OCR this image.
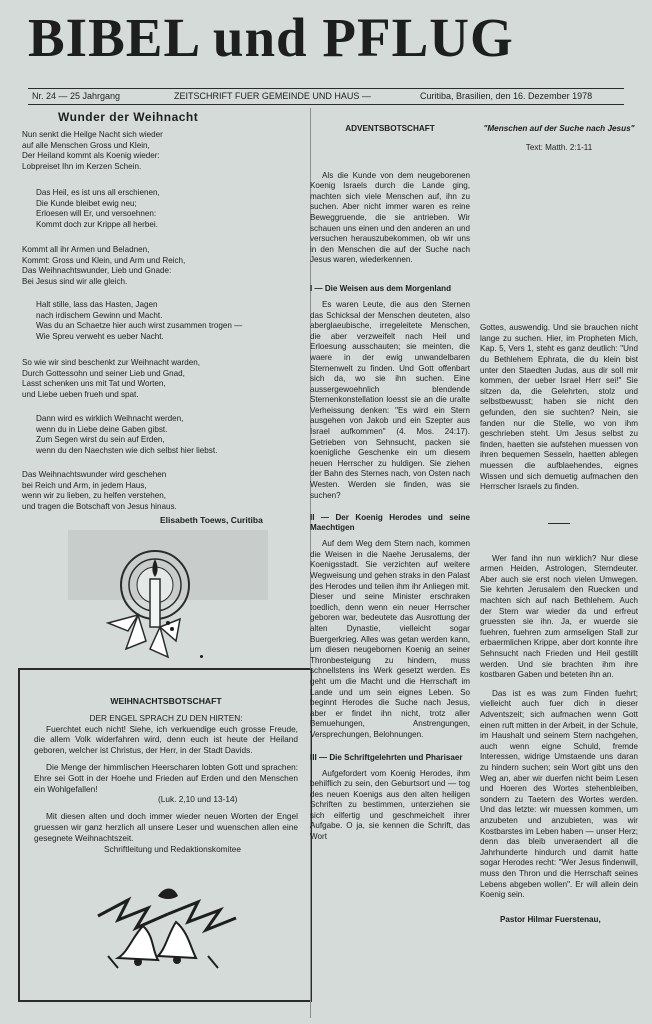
BIBEL und PFLUG
Nr. 24 — 25 Jahrgang	ZEITSCHRIFT FUER GEMEINDE UND HAUS —	Curitiba, Brasilien, den 16. Dezember 1978
Wunder der Weihnacht
Nun senkt die Heilge Nacht sich wieder
auf alle Menschen Gross und Klein,
Der Heiland kommt als Koenig wieder:
Lobpreiset Ihn im Kerzen Schein.
Das Heil, es ist uns all erschienen,
Die Kunde bleibet ewig neu;
Erloesen will Er, und versoehnen:
Kommt doch zur Krippe all herbei.
Kommt all ihr Armen und Beladnen,
Kommt: Gross und Klein, und Arm und Reich,
Das Weihnachtswunder, Lieb und Gnade:
Bei Jesus sind wir alle gleich.
Halt stille, lass das Hasten, Jagen
nach irdischem Gewinn und Macht.
Was du an Schaetze hier auch wirst zusammen trogen —
Wie Spreu verweht es ueber Nacht.
So wie wir sind beschenkt zur Weihnacht warden,
Durch Gottessohn und seiner Lieb und Gnad,
Lasst schenken uns mit Tat und Worten,
und Liebe ueben frueh und spat.
Dann wird es wirklich Weihnacht werden,
wenn du in Liebe deine Gaben gibst.
Zum Segen wirst du sein auf Erden,
wenn du den Naechsten wie dich selbst hier liebst.
Das Weihnachtswunder wird geschehen
bei Reich und Arm, in jedem Haus,
wenn wir zu lieben, zu helfen verstehen,
und tragen die Botschaft von Jesus hinaus.
Elisabeth Toews, Curitiba
WEIHNACHTSBOTSCHAFT
DER ENGEL SPRACH ZU DEN HIRTEN:

Fuerchtet euch nicht! Siehe, ich verkuendige euch grosse Freude, die allem Volk widerfahren wird, denn euch ist heute der Heiland geboren, welcher ist Christus, der Herr, in der Stadt Davids.

Die Menge der himmlischen Heerscharen lobten Gott und sprachen: Ehre sei Gott in der Hoehe und Frieden auf Erden und den Menschen ein Wohlgefallen!

(Luk. 2,10 und 13-14)

Mit diesen alten und doch immer wieder neuen Worten der Engel gruessen wir ganz herzlich all unsere Leser und wuenschen allen eine gesegnete Weihnachtszeit.

Schriftleitung und Redaktionskomitee
ADVENTSBOTSCHAFT

Als die Kunde von dem neugeborenen Koenig Israels durch die Lande ging, machten sich viele Menschen auf, ihn zu suchen. Aber nicht immer waren es reine Beweggruende, die sie antrieben. Wir schauen uns einen und den anderen an und versuchen herauszubekommen, ob wir uns in den Menschen die auf der Suche nach Jesus waren, wiederkennen.

I — Die Weisen aus dem Morgenland

Es waren Leute, die aus den Sternen das Schicksal der Menschen deuteten, also aberglaeubische, irregeleitete Menschen, die aber verzweifelt nach Heil und Erloesung ausschauten; sie meinten, die waere in der ewig unwandelbaren Sternenwelt zu finden. Und Gott offenbart sich da, wo sie ihn suchen. Eine aussergewoehnlich blendende Sternenkonstellation loesst sie an die uralte Verheissung denken: "Es wird ein Stern ausgehen von Jakob und ein Szepter aus Israel aufkommen" (4. Mos. 24:17). Getrieben von Sehnsucht, packen sie koenigliche Geschenke ein um diesem neuen Herrscher zu huldigen. Sie ziehen der Bahn des Sternes nach, von Osten nach Westen. Werden sie finden, was sie suchen?

II — Der Koenig Herodes und seine Maechtigen

Auf dem Weg dem Stern nach, kommen die Weisen in die Naehe Jerusalems, der Koenigsstadt. Sie verzichten auf weitere Wegweisung und gehen straks in den Palast des Herodes und teilen ihm ihr Anliegen mit. Dieser und seine Minister erschraken toedlich, denn wenn ein neuer Herrscher geboren war, bedeutete das Ausrottung der alten Dynastie, vielleicht sogar Buergerkrieg. Alles was getan werden kann, um diesen neugebornen Koenig an seiner Thronbesteigung zu hindern, muss schnellstens ins Werk gesetzt werden. Es geht um die Macht und die Herrschaft im Lande und um sein eignes Leben. So beginnt Herodes die Suche nach Jesus, aber er findet ihn nicht, trotz aller Bemuehungen, Anstrengungen, Versprechungen, Belohnungen.

III — Die Schriftgelehrten und Pharisaer

Aufgefordert vom Koenig Herodes, ihm behilflich zu sein, den Geburtsort und — tog des neuen Koenigs aus den alten heiligen Schriften zu bestimmen, unterziehen sie sich eilfertig und geschmeichelt ihrer Aufgabe. O ja, sie kennen die Schrift, das Wort

"Menschen auf der Suche nach Jesus"
Text: Matth. 2:1-11

Gottes, auswendig. Und sie brauchen nicht lange zu suchen. Hier, im Propheten Mich, Kap. 5, Vers 1, steht es ganz deutlich: "Und du Bethlehem Ephrata, die du klein bist unter den Staedten Judas, aus dir soll mir kommen, der ueber Israel Herr sei!" Sie sitzen da, die Gelehrten, stolz und selbstbewusst; haben sie nicht den gefunden, den sie suchten? Nein, sie fanden nur die Stelle, wo von ihm geschrieben steht. Um Jesus selbst zu finden, haetten sie aufstehen muessen von ihren bequemen Sesseln, haetten ablegen muessen die aufblaehendes, eignes Wissen und sich demuetig aufmachen den Herrscher Israels zu finden.

Wer fand ihn nun wirklich? Nur diese armen Heiden, Astrologen, Sterndeuter. Aber auch sie erst noch vielen Umwegen. Sie kehrten Jerusalem den Ruecken und machten sich auf nach Bethlehem. Auch der Stern war wieder da und erfreut gruessten sie ihn. Ja, er wuerde sie fuehren, fuehren zum armseligen Stall zur erbaermlichen Krippe, aber dort konnte ihre Sehnsucht nach Frieden und Heil gestillt werden. Und sie brachten ihm ihre kostbaren Gaben und beteten ihn an.

Das ist es was zum Finden fuehrt; vielleicht auch fuer dich in dieser Adventszeit; sich aufmachen wenn Gott einen ruft mitten in der Arbeit, in der Schule, im Haushalt und seinem Stern nachgehen, auch wenn eigne Schuld, fremde Interessen, widrige Umstaende uns daran zu hindern suchen; sein Wort gibt uns den Weg an, aber wir duerfen nicht beim Lesen und Hoeren des Wortes stehenbleiben, sondern zu Taetern des Wortes werden. Und das letzte: wir muessen kommen, um anzubeten und anzubieten, was wir Kostbarstes im Leben haben — unser Herz; denn das bleib unveraendert all die Jahrhunderte hindurch und damit hatte sogar Herodes recht: "Wer Jesus findenwill, muss den Thron und die Herrschaft seines Lebens abgeben wollen". Er will allein dein Koenig sein.

Pastor Hilmar Fuerstenau,
